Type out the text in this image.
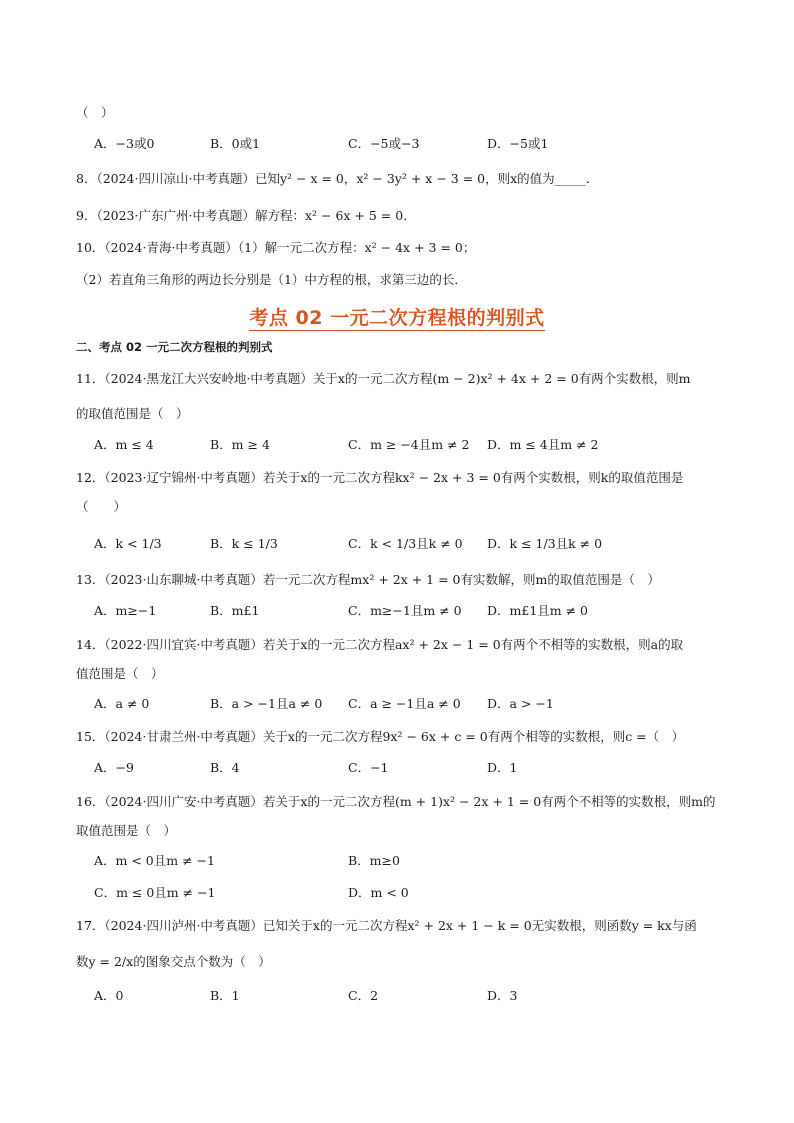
（　）
A．−3或0	B．0或1	C．−5或−3	D．−5或1
8．（2024·四川凉山·中考真题）已知y² − x = 0，x² − 3y² + x − 3 = 0，则x的值为_____．
9．（2023·广东广州·中考真题）解方程：x² − 6x + 5 = 0．
10．（2024·青海·中考真题）（1）解一元二次方程：x² − 4x + 3 = 0；
（2）若直角三角形的两边长分别是（1）中方程的根，求第三边的长．
考点 02 一元二次方程根的判别式
二、考点 02 一元二次方程根的判别式
11．（2024·黑龙江大兴安岭地·中考真题）关于x的一元二次方程(m − 2)x² + 4x + 2 = 0有两个实数根，则m
的取值范围是（　）
A．m ≤ 4	B．m ≥ 4	C．m ≥ −4且m ≠ 2 D．m ≤ 4且m ≠ 2
12．（2023·辽宁锦州·中考真题）若关于x的一元二次方程kx² − 2x + 3 = 0有两个实数根，则k的取值范围是
（　　）
A．k < 1/3	B．k ≤ 1/3	C．k < 1/3且k ≠ 0 D．k ≤ 1/3且k ≠ 0
13．（2023·山东聊城·中考真题）若一元二次方程mx² + 2x + 1 = 0有实数解，则m的取值范围是（　）
A．m≥−1	B．m£1	C．m≥−1且m ≠ 0 D．m£1且m ≠ 0
14．（2022·四川宜宾·中考真题）若关于x的一元二次方程ax² + 2x − 1 = 0有两个不相等的实数根，则a的取
值范围是（　）
A．a ≠ 0	B．a > −1且a ≠ 0 C．a ≥ −1且a ≠ 0 D．a > −1
15．（2024·甘肃兰州·中考真题）关于x的一元二次方程9x² − 6x + c = 0有两个相等的实数根，则c =（　）
A．−9	B．4	C．−1	D．1
16．（2024·四川广安·中考真题）若关于x的一元二次方程(m + 1)x² − 2x + 1 = 0有两个不相等的实数根，则m的
取值范围是（　）
A．m < 0且m ≠ −1	B．m≥0
C．m ≤ 0且m ≠ −1	D．m < 0
17．（2024·四川泸州·中考真题）已知关于x的一元二次方程x² + 2x + 1 − k = 0无实数根，则函数y = kx与函
数y = 2/x的图象交点个数为（　）
A．0	B．1	C．2	D．3
